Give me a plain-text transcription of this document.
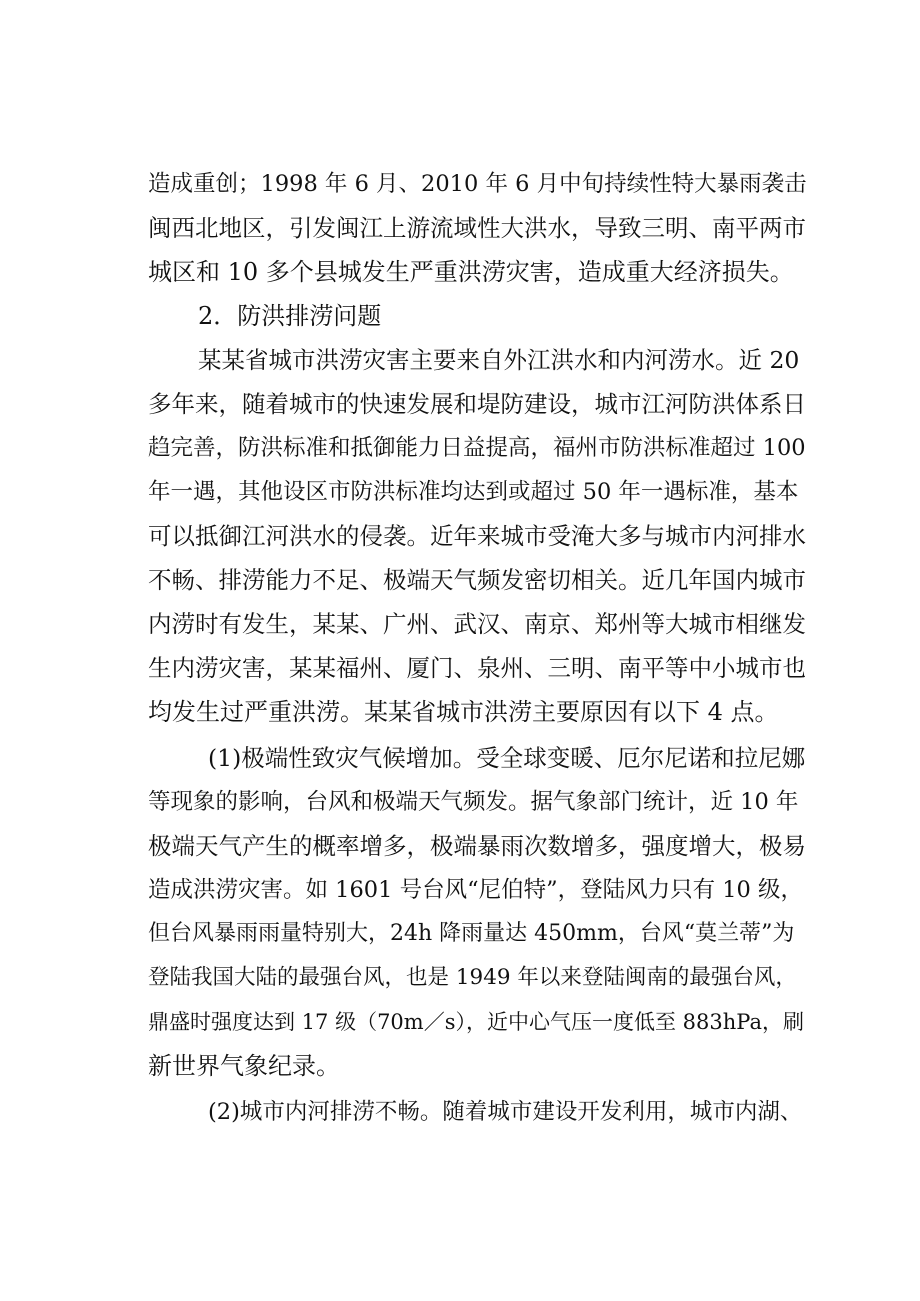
造成重创；1998 年 6 月、2010 年 6 月中旬持续性特大暴雨袭击
闽西北地区，引发闽江上游流域性大洪水，导致三明、南平两市
城区和 10 多个县城发生严重洪涝灾害，造成重大经济损失。
2．防洪排涝问题
某某省城市洪涝灾害主要来自外江洪水和内河涝水。近 20
多年来，随着城市的快速发展和堤防建设，城市江河防洪体系日
趋完善，防洪标准和抵御能力日益提高，福州市防洪标准超过 100
年一遇，其他设区市防洪标准均达到或超过 50 年一遇标准，基本
可以抵御江河洪水的侵袭。近年来城市受淹大多与城市内河排水
不畅、排涝能力不足、极端天气频发密切相关。近几年国内城市
内涝时有发生，某某、广州、武汉、南京、郑州等大城市相继发
生内涝灾害，某某福州、厦门、泉州、三明、南平等中小城市也
均发生过严重洪涝。某某省城市洪涝主要原因有以下 4 点。
(1)极端性致灾气候增加。受全球变暖、厄尔尼诺和拉尼娜
等现象的影响，台风和极端天气频发。据气象部门统计，近 10 年
极端天气产生的概率增多，极端暴雨次数增多，强度增大，极易
造成洪涝灾害。如 1601 号台风“尼伯特”，登陆风力只有 10 级，
但台风暴雨雨量特别大，24h 降雨量达 450mm，台风“莫兰蒂”为
登陆我国大陆的最强台风，也是 1949 年以来登陆闽南的最强台风，
鼎盛时强度达到 17 级（70m／s），近中心气压一度低至 883hPa，刷
新世界气象纪录。
(2)城市内河排涝不畅。随着城市建设开发利用，城市内湖、
